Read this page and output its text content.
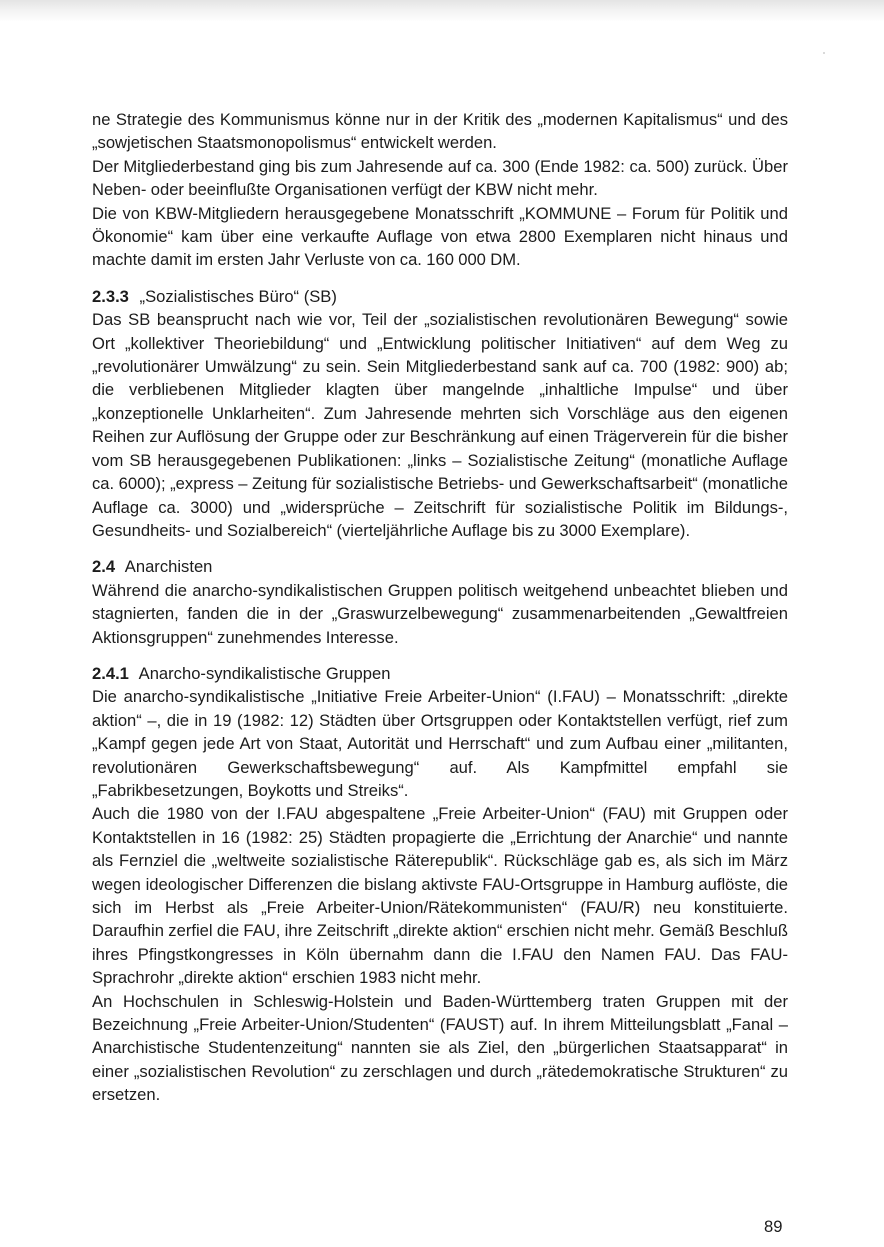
ne Strategie des Kommunismus könne nur in der Kritik des „modernen Kapitalismus“ und des „sowjetischen Staatsmonopolismus“ entwickelt werden.

Der Mitgliederbestand ging bis zum Jahresende auf ca. 300 (Ende 1982: ca. 500) zurück. Über Neben- oder beeinflußte Organisationen verfügt der KBW nicht mehr.

Die von KBW-Mitgliedern herausgegebene Monatsschrift „KOMMUNE – Forum für Politik und Ökonomie“ kam über eine verkaufte Auflage von etwa 2800 Exemplaren nicht hinaus und machte damit im ersten Jahr Verluste von ca. 160 000 DM.

2.3.3 „Sozialistisches Büro“ (SB)

Das SB beansprucht nach wie vor, Teil der „sozialistischen revolutionären Bewegung“ sowie Ort „kollektiver Theoriebildung“ und „Entwicklung politischer Initiativen“ auf dem Weg zu „revolutionärer Umwälzung“ zu sein. Sein Mitgliederbestand sank auf ca. 700 (1982: 900) ab; die verbliebenen Mitglieder klagten über mangelnde „inhaltliche Impulse“ und über „konzeptionelle Unklarheiten“. Zum Jahresende mehrten sich Vorschläge aus den eigenen Reihen zur Auflösung der Gruppe oder zur Beschränkung auf einen Trägerverein für die bisher vom SB herausgegebenen Publikationen: „links – Sozialistische Zeitung“ (monatliche Auflage ca. 6000); „express – Zeitung für sozialistische Betriebs- und Gewerkschaftsarbeit“ (monatliche Auflage ca. 3000) und „widersprüche – Zeitschrift für sozialistische Politik im Bildungs-, Gesundheits- und Sozialbereich“ (vierteljährliche Auflage bis zu 3000 Exemplare).

2.4 Anarchisten

Während die anarcho-syndikalistischen Gruppen politisch weitgehend unbeachtet blieben und stagnierten, fanden die in der „Graswurzelbewegung“ zusammenarbeitenden „Gewaltfreien Aktionsgruppen“ zunehmendes Interesse.

2.4.1 Anarcho-syndikalistische Gruppen

Die anarcho-syndikalistische „Initiative Freie Arbeiter-Union“ (I.FAU) – Monatsschrift: „direkte aktion“ –, die in 19 (1982: 12) Städten über Ortsgruppen oder Kontaktstellen verfügt, rief zum „Kampf gegen jede Art von Staat, Autorität und Herrschaft“ und zum Aufbau einer „militanten, revolutionären Gewerkschaftsbewegung“ auf. Als Kampfmittel empfahl sie „Fabrikbesetzungen, Boykotts und Streiks“.

Auch die 1980 von der I.FAU abgespaltene „Freie Arbeiter-Union“ (FAU) mit Gruppen oder Kontaktstellen in 16 (1982: 25) Städten propagierte die „Errichtung der Anarchie“ und nannte als Fernziel die „weltweite sozialistische Räterepublik“. Rückschläge gab es, als sich im März wegen ideologischer Differenzen die bislang aktivste FAU-Ortsgruppe in Hamburg auflöste, die sich im Herbst als „Freie Arbeiter-Union/Rätekommunisten“ (FAU/R) neu konstituierte. Daraufhin zerfiel die FAU, ihre Zeitschrift „direkte aktion“ erschien nicht mehr. Gemäß Beschluß ihres Pfingstkongresses in Köln übernahm dann die I.FAU den Namen FAU. Das FAU-Sprachrohr „direkte aktion“ erschien 1983 nicht mehr.

An Hochschulen in Schleswig-Holstein und Baden-Württemberg traten Gruppen mit der Bezeichnung „Freie Arbeiter-Union/Studenten“ (FAUST) auf. In ihrem Mitteilungsblatt „Fanal – Anarchistische Studentenzeitung“ nannten sie als Ziel, den „bürgerlichen Staatsapparat“ in einer „sozialistischen Revolution“ zu zerschlagen und durch „rätedemokratische Strukturen“ zu ersetzen.

89
